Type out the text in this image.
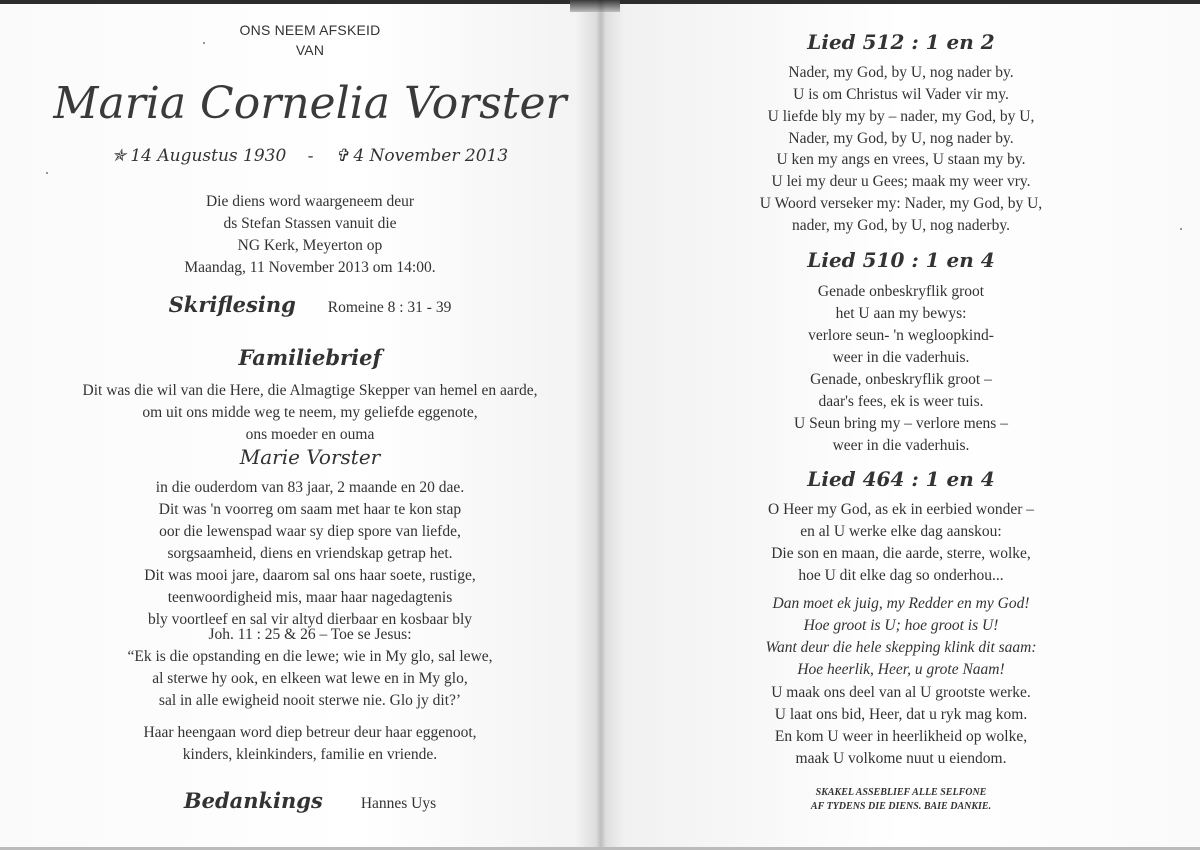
ONS NEEM AFSKEID
VAN
Maria Cornelia Vorster
✯ 14 Augustus 1930 - ✞ 4 November 2013
Die diens word waargeneem deur
ds Stefan Stassen vanuit die
NG Kerk, Meyerton op
Maandag, 11 November 2013 om 14:00.
Skriflesing Romeine 8 : 31 - 39
Familiebrief
Dit was die wil van die Here, die Almagtige Skepper van hemel en aarde,
om uit ons midde weg te neem, my geliefde eggenote,
ons moeder en ouma
Marie Vorster
in die ouderdom van 83 jaar, 2 maande en 20 dae.
Dit was 'n voorreg om saam met haar te kon stap
oor die lewenspad waar sy diep spore van liefde,
sorgsaamheid, diens en vriendskap getrap het.
Dit was mooi jare, daarom sal ons haar soete, rustige,
teenwoordigheid mis, maar haar nagedagtenis
bly voortleef en sal vir altyd dierbaar en kosbaar bly
Joh. 11 : 25 & 26 – Toe se Jesus:
“Ek is die opstanding en die lewe; wie in My glo, sal lewe,
al sterwe hy ook, en elkeen wat lewe en in My glo,
sal in alle ewigheid nooit sterwe nie. Glo jy dit?’
Haar heengaan word diep betreur deur haar eggenoot,
kinders, kleinkinders, familie en vriende.
Bedankings Hannes Uys
Lied 512 : 1 en 2
Nader, my God, by U, nog nader by.
U is om Christus wil Vader vir my.
U liefde bly my by – nader, my God, by U,
Nader, my God, by U, nog nader by.
U ken my angs en vrees, U staan my by.
U lei my deur u Gees; maak my weer vry.
U Woord verseker my: Nader, my God, by U,
nader, my God, by U, nog naderby.
Lied 510 : 1 en 4
Genade onbeskryflik groot
het U aan my bewys:
verlore seun- 'n wegloopkind-
weer in die vaderhuis.
Genade, onbeskryflik groot –
daar's fees, ek is weer tuis.
U Seun bring my – verlore mens –
weer in die vaderhuis.
Lied 464 : 1 en 4
O Heer my God, as ek in eerbied wonder –
en al U werke elke dag aanskou:
Die son en maan, die aarde, sterre, wolke,
hoe U dit elke dag so onderhou...
Dan moet ek juig, my Redder en my God!
Hoe groot is U; hoe groot is U!
Want deur die hele skepping klink dit saam:
Hoe heerlik, Heer, u grote Naam!
U maak ons deel van al U grootste werke.
U laat ons bid, Heer, dat u ryk mag kom.
En kom U weer in heerlikheid op wolke,
maak U volkome nuut u eiendom.
SKAKEL ASSEBLIEF ALLE SELFONE
AF TYDENS DIE DIENS. BAIE DANKIE.
